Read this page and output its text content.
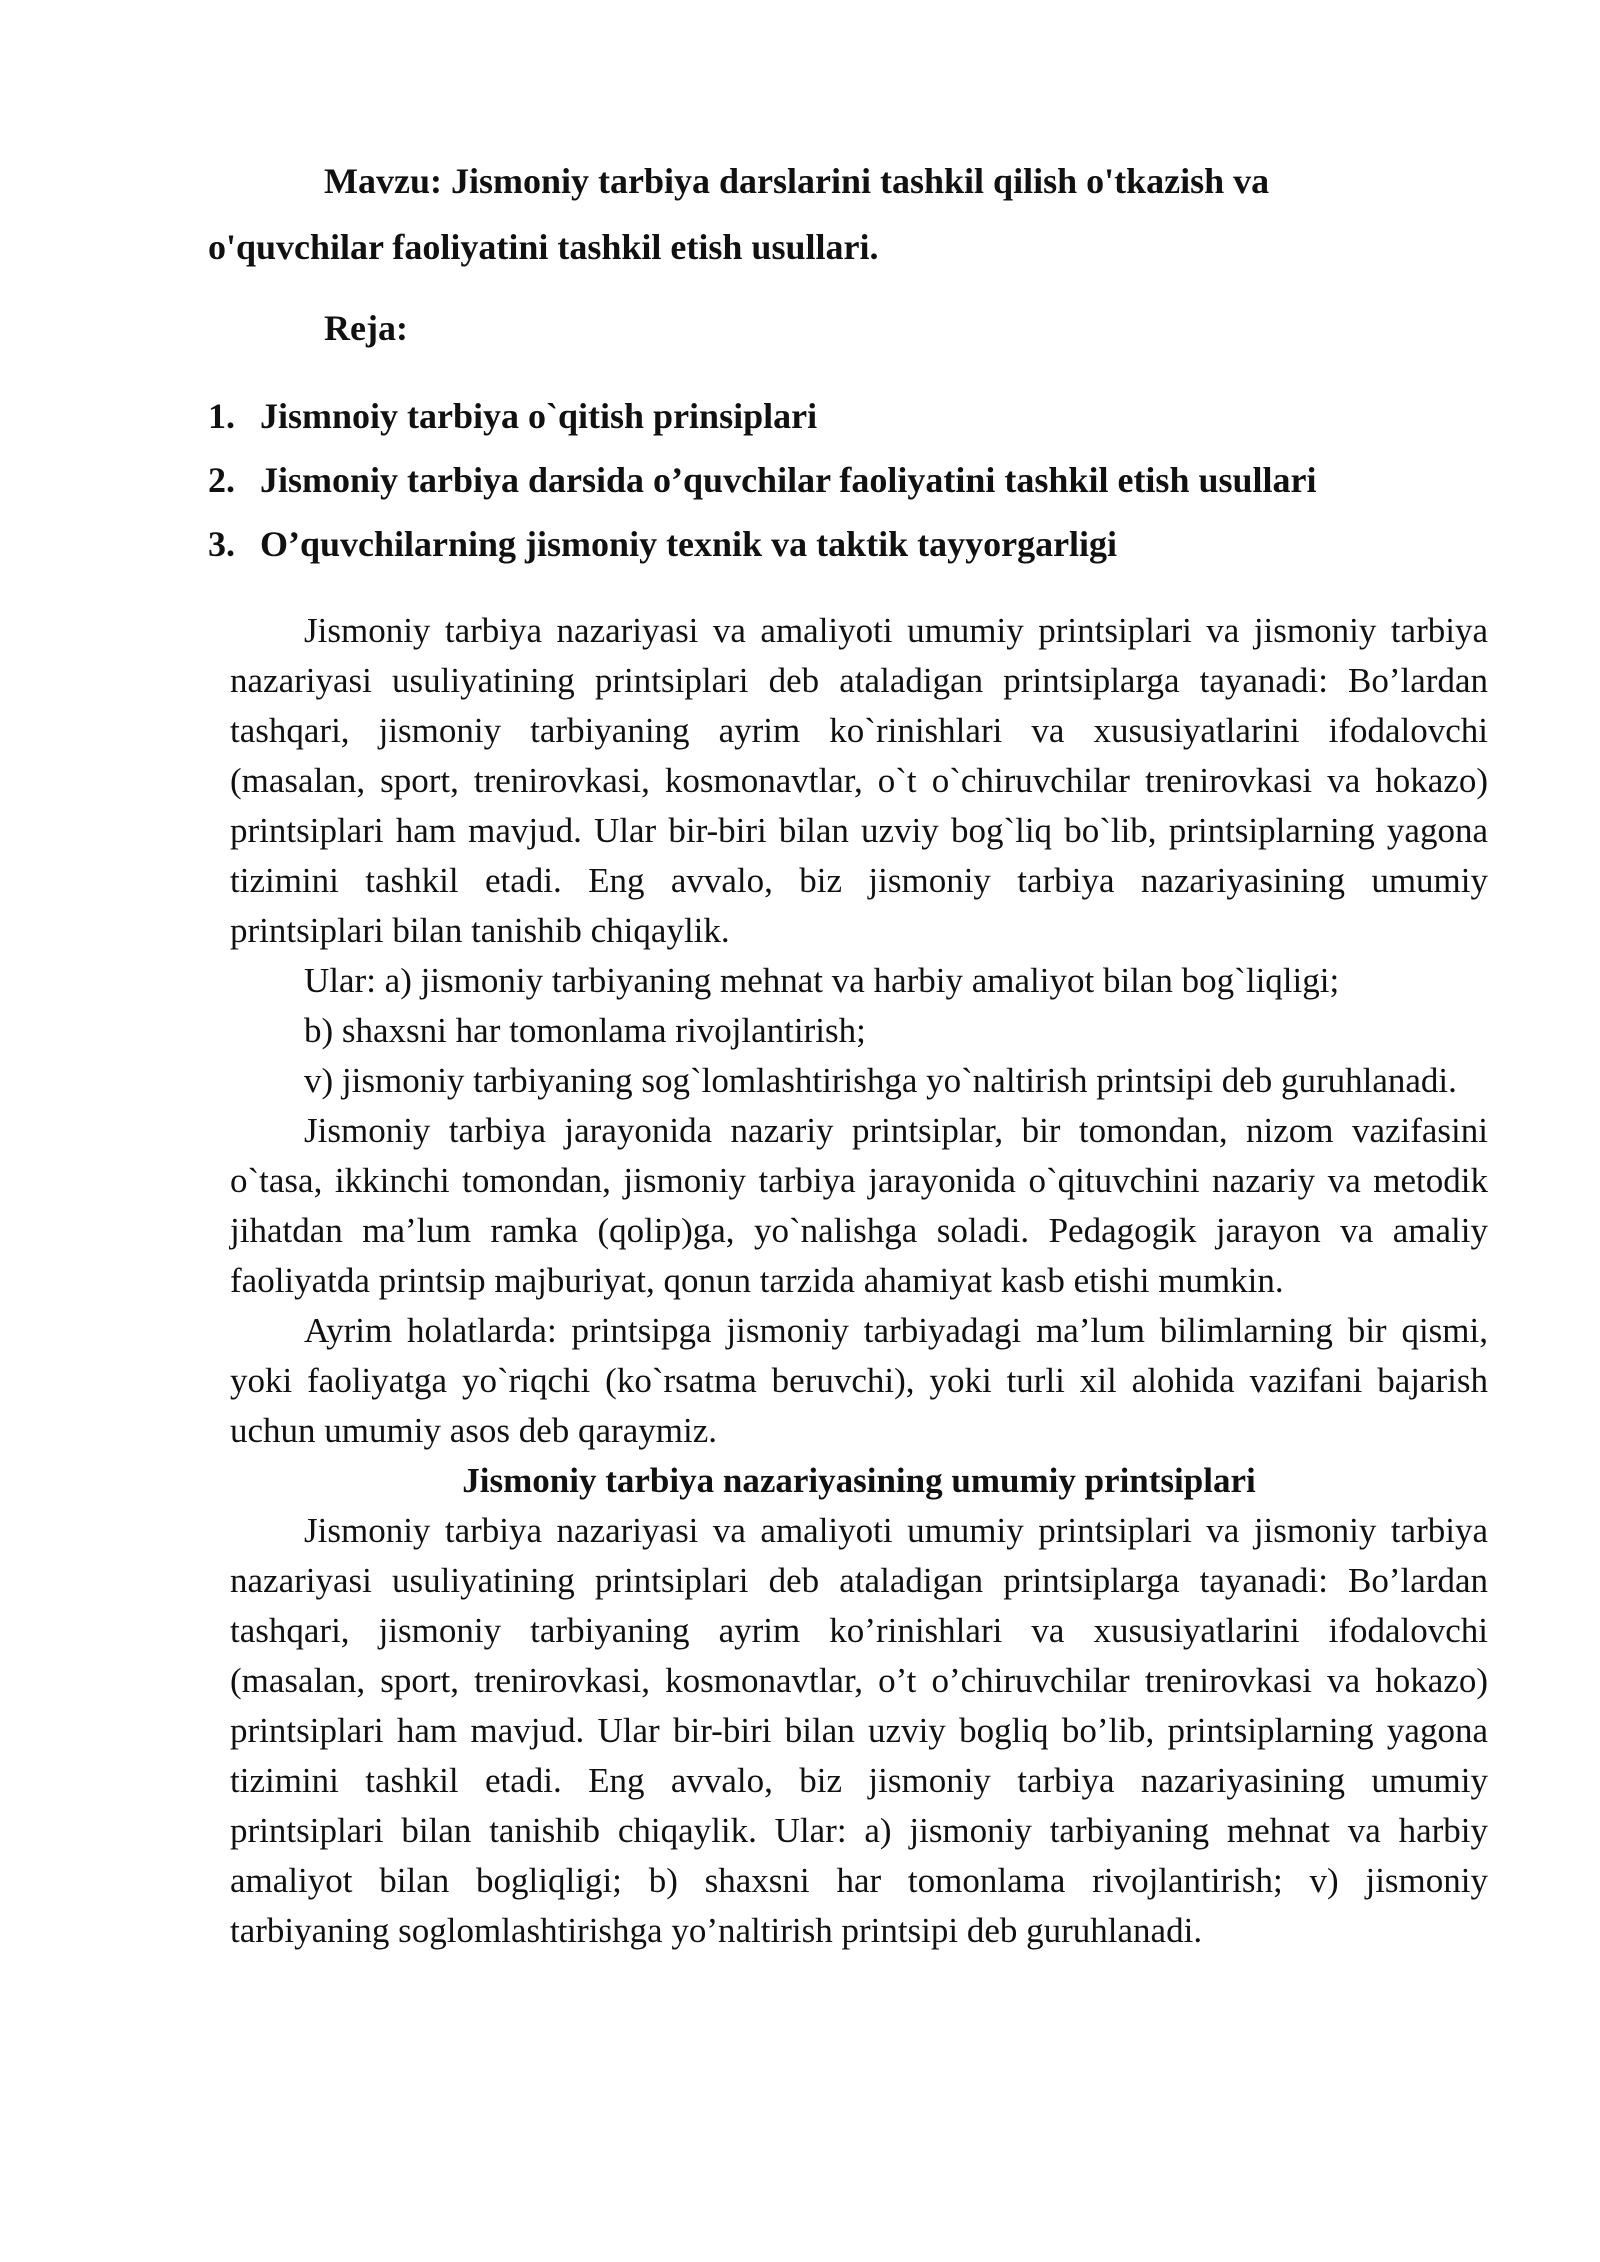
Mavzu: Jismoniy tarbiya darslarini tashkil qilish o'tkazish va
o'quvchilar faoliyatini tashkil etish usullari.
Reja:
1. Jismnoiy tarbiya o`qitish prinsiplari
2. Jismoniy tarbiya darsida o’quvchilar faoliyatini tashkil etish usullari
3. O’quvchilarning jismoniy texnik va taktik tayyorgarligi

Jismoniy tarbiya nazariyasi va amaliyoti umumiy printsiplari va jismoniy tarbiya nazariyasi usuliyatining printsiplari deb ataladigan printsiplarga tayanadi: Bo’lardan tashqari, jismoniy tarbiyaning ayrim ko`rinishlari va xususiyatlarini ifodalovchi (masalan, sport, trenirovkasi, kosmonavtlar, o`t o`chiruvchilar trenirovkasi va hokazo) printsiplari ham mavjud. Ular bir-biri bilan uzviy bog`liq bo`lib, printsiplarning yagona tizimini tashkil etadi. Eng avvalo, biz jismoniy tarbiya nazariyasining umumiy printsiplari bilan tanishib chiqaylik.

Ular: a) jismoniy tarbiyaning mehnat va harbiy amaliyot bilan bog`liqligi;

b) shaxsni har tomonlama rivojlantirish;

v) jismoniy tarbiyaning sog`lomlashtirishga yo`naltirish printsipi deb guruhlanadi.

Jismoniy tarbiya jarayonida nazariy printsiplar, bir tomondan, nizom vazifasini o`tasa, ikkinchi tomondan, jismoniy tarbiya jarayonida o`qituvchini nazariy va metodik jihatdan ma’lum ramka (qolip)ga, yo`nalishga soladi. Pedagogik jarayon va amaliy faoliyatda printsip majburiyat, qonun tarzida ahamiyat kasb etishi mumkin.

Ayrim holatlarda: printsipga jismoniy tarbiyadagi ma’lum bilimlarning bir qismi, yoki faoliyatga yo`riqchi (ko`rsatma beruvchi), yoki turli xil alohida vazifani bajarish uchun umumiy asos deb qaraymiz.

Jismoniy tarbiya nazariyasining umumiy printsiplari

Jismoniy tarbiya nazariyasi va amaliyoti umumiy printsiplari va jismoniy tarbiya nazariyasi usuliyatining printsiplari deb ataladigan printsiplarga tayanadi: Bo’lardan tashqari, jismoniy tarbiyaning ayrim ko’rinishlari va xususiyatlarini ifodalovchi (masalan, sport, trenirovkasi, kosmonavtlar, o’t o’chiruvchilar trenirovkasi va hokazo) printsiplari ham mavjud. Ular bir-biri bilan uzviy bogliq bo’lib, printsiplarning yagona tizimini tashkil etadi. Eng avvalo, biz jismoniy tarbiya nazariyasining umumiy printsiplari bilan tanishib chiqaylik. Ular: a) jismoniy tarbiyaning mehnat va harbiy amaliyot bilan bogliqligi; b) shaxsni har tomonlama rivojlantirish; v) jismoniy tarbiyaning soglomlashtirishga yo’naltirish printsipi deb guruhlanadi.
